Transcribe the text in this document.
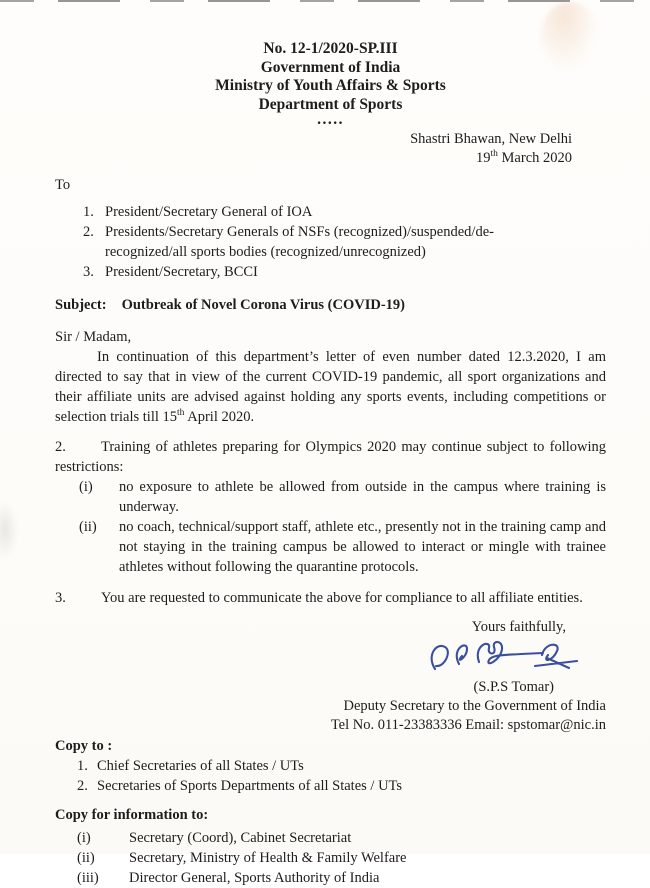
No. 12-1/2020-SP.III
Government of India
Ministry of Youth Affairs & Sports
Department of Sports
.....
Shastri Bhawan, New Delhi
19th March 2020
To
1. President/Secretary General of IOA
2. Presidents/Secretary Generals of NSFs (recognized)/suspended/de-recognized/all sports bodies (recognized/unrecognized)
3. President/Secretary, BCCI
Subject: Outbreak of Novel Corona Virus (COVID-19)
Sir / Madam,
In continuation of this department’s letter of even number dated 12.3.2020, I am directed to say that in view of the current COVID-19 pandemic, all sport organizations and their affiliate units are advised against holding any sports events, including competitions or selection trials till 15th April 2020.
2. Training of athletes preparing for Olympics 2020 may continue subject to following restrictions:
(i)	no exposure to athlete be allowed from outside in the campus where training is underway.
(ii)	no coach, technical/support staff, athlete etc., presently not in the training camp and not staying in the training campus be allowed to interact or mingle with trainee athletes without following the quarantine protocols.
3. You are requested to communicate the above for compliance to all affiliate entities.
Yours faithfully,
(S.P.S Tomar)
Deputy Secretary to the Government of India
Tel No. 011-23383336 Email: spstomar@nic.in
Copy to :
1. Chief Secretaries of all States / UTs
2. Secretaries of Sports Departments of all States / UTs
Copy for information to:
(i)	Secretary (Coord), Cabinet Secretariat
(ii)	Secretary, Ministry of Health & Family Welfare
(iii)	Director General, Sports Authority of India
